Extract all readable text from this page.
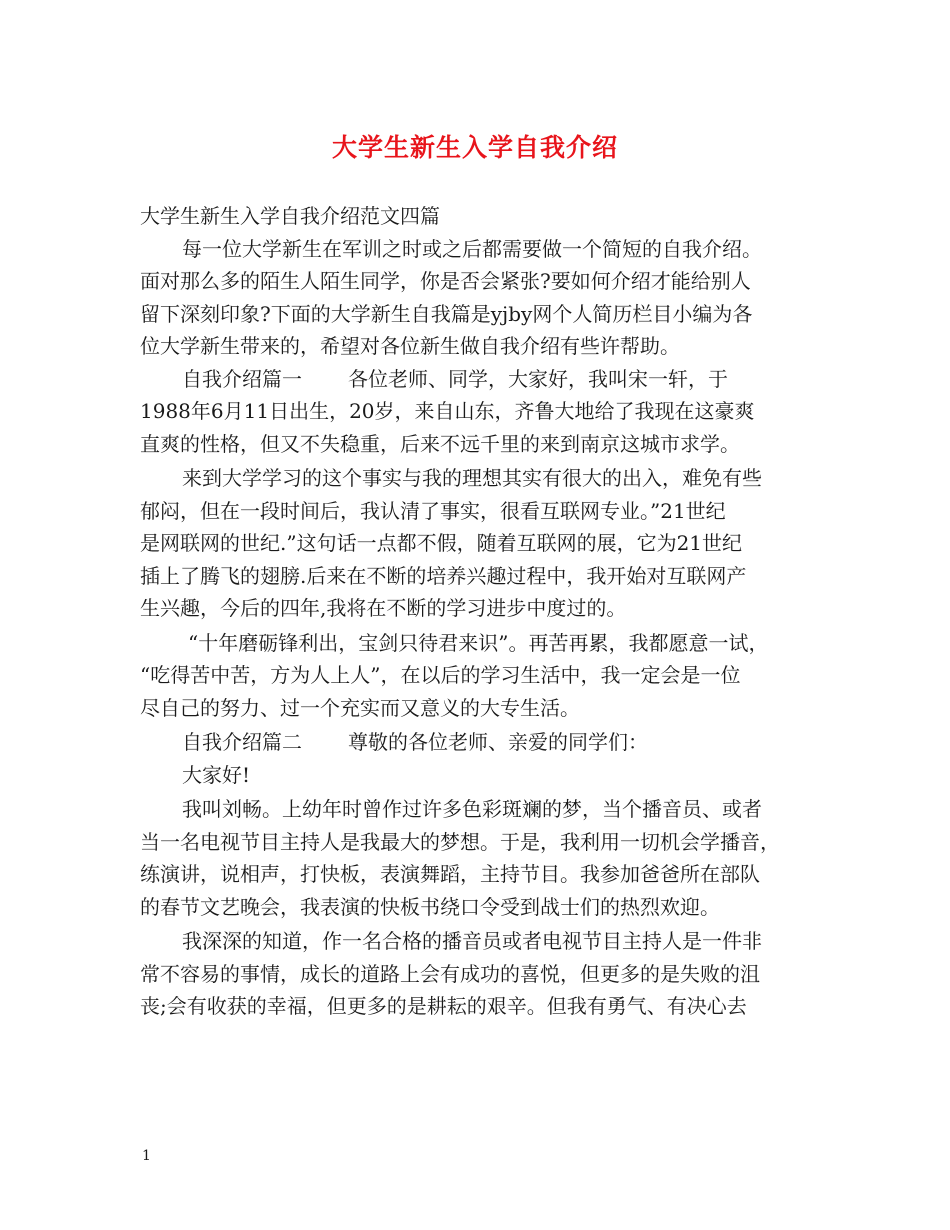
大学生新生入学自我介绍
大学生新生入学自我介绍范文四篇
每一位大学新生在军训之时或之后都需要做一个简短的自我介绍。
面对那么多的陌生人陌生同学，你是否会紧张?要如何介绍才能给别人
留下深刻印象?下面的大学新生自我篇是yjby网个人简历栏目小编为各
位大学新生带来的，希望对各位新生做自我介绍有些许帮助。
自我介绍篇一 各位老师、同学，大家好，我叫宋一轩，于
1988年6月11日出生，20岁，来自山东，齐鲁大地给了我现在这豪爽
直爽的性格，但又不失稳重，后来不远千里的来到南京这城市求学。
来到大学学习的这个事实与我的理想其实有很大的出入，难免有些
郁闷，但在一段时间后，我认清了事实，很看互联网专业。”21世纪
是网联网的世纪.”这句话一点都不假，随着互联网的展，它为21世纪
插上了腾飞的翅膀.后来在不断的培养兴趣过程中，我开始对互联网产
生兴趣，今后的四年,我将在不断的学习进步中度过的。
“十年磨砺锋利出，宝剑只待君来识”。再苦再累，我都愿意一试，
“吃得苦中苦，方为人上人”，在以后的学习生活中，我一定会是一位
尽自己的努力、过一个充实而又意义的大专生活。
自我介绍篇二 尊敬的各位老师、亲爱的同学们：
大家好!
我叫刘畅。上幼年时曾作过许多色彩斑斓的梦，当个播音员、或者
当一名电视节目主持人是我最大的梦想。于是，我利用一切机会学播音，
练演讲，说相声，打快板，表演舞蹈，主持节目。我参加爸爸所在部队
的春节文艺晚会，我表演的快板书绕口令受到战士们的热烈欢迎。
我深深的知道，作一名合格的播音员或者电视节目主持人是一件非
常不容易的事情，成长的道路上会有成功的喜悦，但更多的是失败的沮
丧;会有收获的幸福，但更多的是耕耘的艰辛。但我有勇气、有决心去
1
